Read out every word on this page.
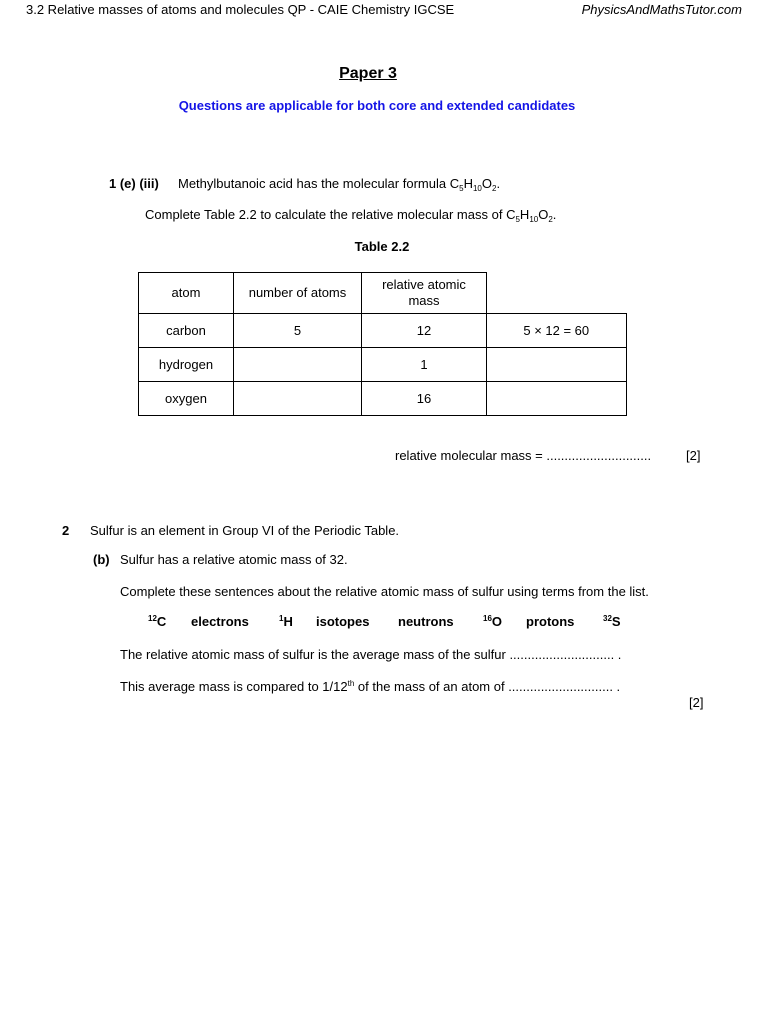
3.2 Relative masses of atoms and molecules QP - CAIE Chemistry IGCSE	PhysicsAndMathsTutor.com
Paper 3
Questions are applicable for both core and extended candidates
1 (e) (iii) Methylbutanoic acid has the molecular formula $C_5H_{10}O_2$.
Complete Table 2.2 to calculate the relative molecular mass of $C_5H_{10}O_2$.
Table 2.2
atom	number of atoms	relative atomic mass	
carbon	5	12	5 × 12 = 60
hydrogen		1	
oxygen		16	
relative molecular mass = .............................	[2]
2 Sulfur is an element in Group VI of the Periodic Table.
(b) Sulfur has a relative atomic mass of 32.
Complete these sentences about the relative atomic mass of sulfur using terms from the list.
$^{12}$C electrons	$^1$H isotopes neutrons	$^{16}$O protons	$^{32}$S
The relative atomic mass of sulfur is the average mass of the sulfur ............................. .
This average mass is compared to 1/12th of the mass of an atom of ............................. .
[2]
